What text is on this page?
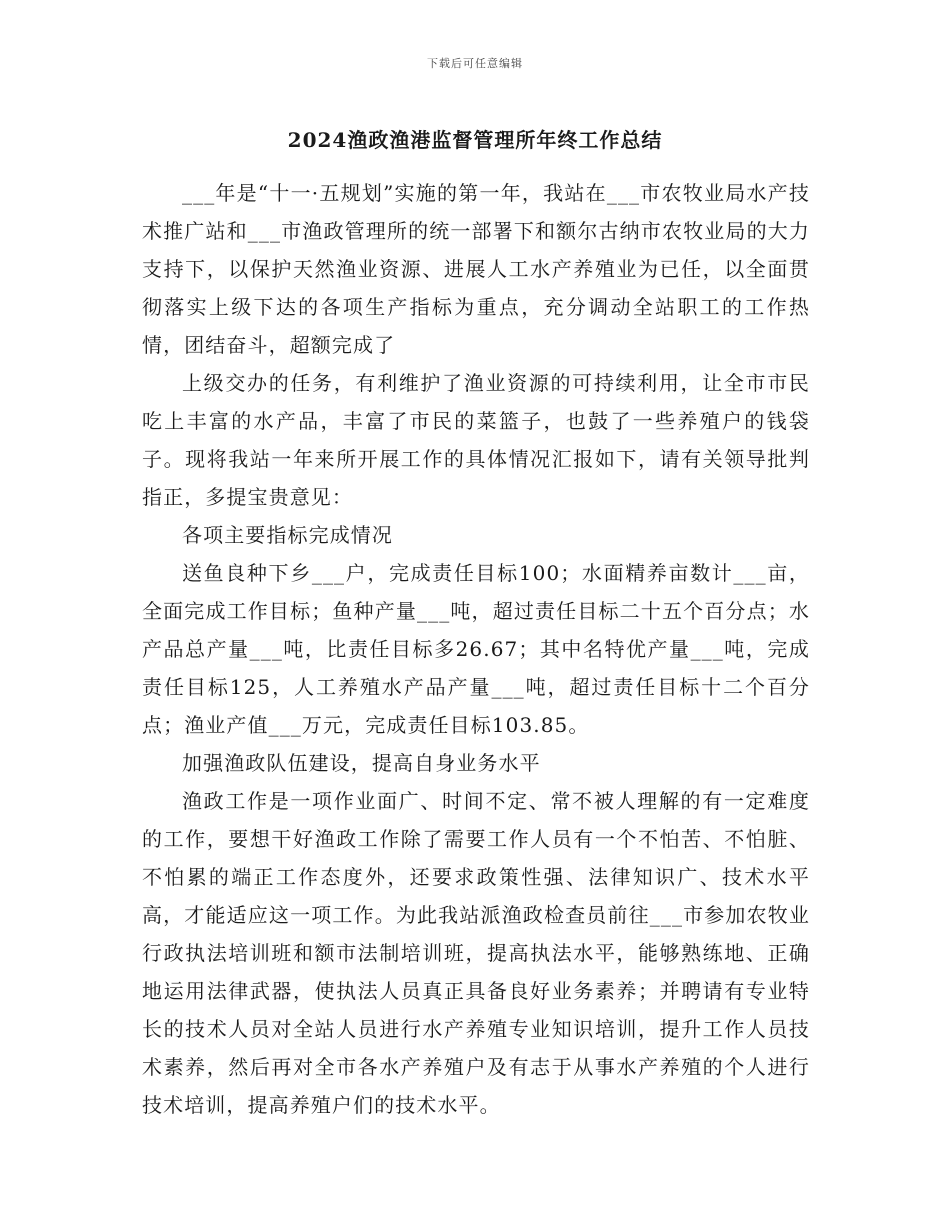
下载后可任意编辑
2024渔政渔港监督管理所年终工作总结

___年是“十一·五规划”实施的第一年，我站在___市农牧业局水产技术推广站和___市渔政管理所的统一部署下和额尔古纳市农牧业局的大力支持下，以保护天然渔业资源、进展人工水产养殖业为已任，以全面贯彻落实上级下达的各项生产指标为重点，充分调动全站职工的工作热情，团结奋斗，超额完成了

上级交办的任务，有利维护了渔业资源的可持续利用，让全市市民吃上丰富的水产品，丰富了市民的菜篮子，也鼓了一些养殖户的钱袋子。现将我站一年来所开展工作的具体情况汇报如下，请有关领导批判指正，多提宝贵意见：

各项主要指标完成情况

送鱼良种下乡___户，完成责任目标100；水面精养亩数计___亩，全面完成工作目标；鱼种产量___吨，超过责任目标二十五个百分点；水产品总产量___吨，比责任目标多26.67；其中名特优产量___吨，完成责任目标125，人工养殖水产品产量___吨，超过责任目标十二个百分点；渔业产值___万元，完成责任目标103.85。

加强渔政队伍建设，提高自身业务水平

渔政工作是一项作业面广、时间不定、常不被人理解的有一定难度的工作，要想干好渔政工作除了需要工作人员有一个不怕苦、不怕脏、不怕累的端正工作态度外，还要求政策性强、法律知识广、技术水平高，才能适应这一项工作。为此我站派渔政检查员前往___市参加农牧业行政执法培训班和额市法制培训班，提高执法水平，能够熟练地、正确地运用法律武器，使执法人员真正具备良好业务素养；并聘请有专业特长的技术人员对全站人员进行水产养殖专业知识培训，提升工作人员技术素养，然后再对全市各水产养殖户及有志于从事水产养殖的个人进行技术培训，提高养殖户们的技术水平。
